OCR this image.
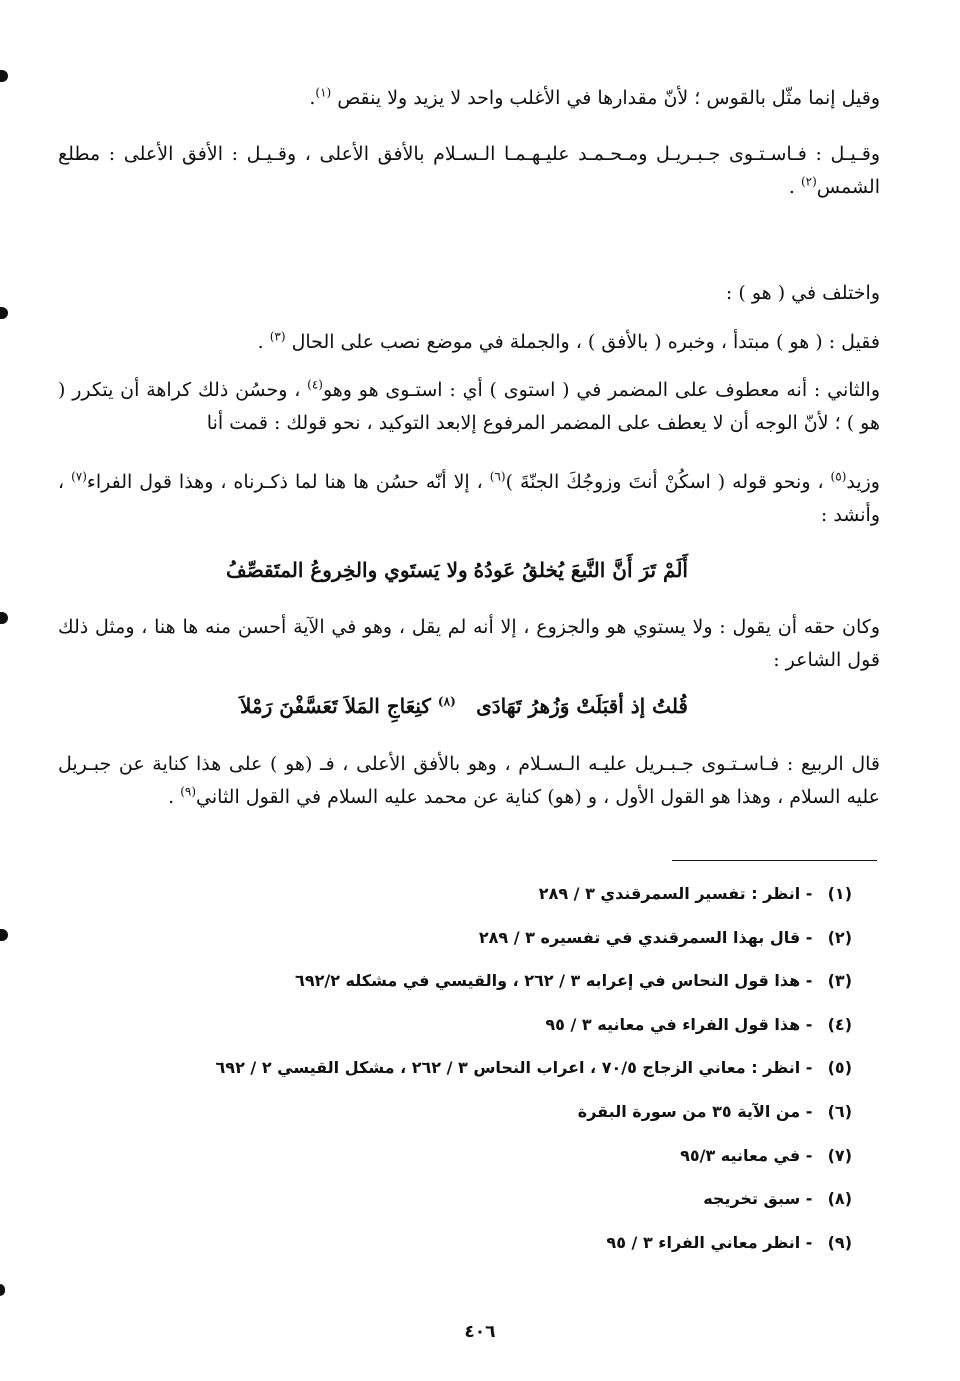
وقيل إنما مثّل بالقوس ؛ لأنّ مقدارها في الأغلب واحد لا يزيد ولا ينقص $^{(١)}$.
وقـيـل : فـاسـتـوى جـبـريـل ومـحـمـد عليـهـمـا الـسـلام بالأفق الأعلى ، وقـيـل : الأفق الأعلى : مطلع الشمس$^{(٢)}$ .
واختلف في ( هو ) :
فقيل : ( هو ) مبتدأ ، وخبره ( بالأفق ) ، والجملة في موضع نصب على الحال $^{(٣)}$ .
والثاني : أنه معطوف على المضمر في ( استوى ) أي : استـوى هو وهو$^{(٤)}$ ، وحسُن ذلك كراهة أن يتكرر ( هو ) ؛ لأنّ الوجه أن لا يعطف على المضمر المرفوع إلابعد التوكيد ، نحو قولك : قمت أنا
وزيد$^{(٥)}$ ، ونحو قوله ( اسكُنْ أنتَ وزوجُكَ الجنّةَ )$^{(٦)}$ ، إلا أنّه حسُن ها هنا لما ذكـرناه ، وهذا قول الفراء$^{(٧)}$ ، وأنشد :
وكان حقه أن يقول : ولا يستوي هو والجزوع ، إلا أنه لم يقل ، وهو في الآية أحسن منه ها هنا ، ومثل ذلك قول الشاعر :
قال الربيع : فـاسـتـوى جـبـريل عليـه الـسـلام ، وهو بالأفق الأعلى ، فـ (هو ) على هذا كناية عن جبـريل عليه السلام ، وهذا هو القول الأول ، و (هو) كناية عن محمد عليه السلام في القول الثاني$^{(٩)}$ .
أَلَمْ تَرَ أَنَّ النَّبعَ يُخلقُ عَودُهُ
ولا يَستَوي والخِروعُ المتَقصِّفُ
قُلتُ إذ أقبَلَتْ وَزُهرُ تَهَادَى
$^{(٨)}$ كنِعَاجِ المَلاَ تَعَسَّفْنَ رَمْلاَ
(١) - انظر : تفسير السمرقندي ٣ / ٢٨٩
(٢) - قال بهذا السمرقندي في تفسيره ٣ / ٢٨٩
(٣) - هذا قول النحاس في إعرابه ٣ / ٢٦٢ ، والقيسي في مشكله ٦٩٢/٢
(٤) - هذا قول الفراء في معانيه ٣ / ٩٥
(٥) - انظر : معاني الزجاج ٧٠/٥ ، اعراب النحاس ٣ / ٢٦٢ ، مشكل القيسي ٢ / ٦٩٢
(٦) - من الآية ٣٥ من سورة البقرة
(٧) - في معانيه ٩٥/٣
(٨) - سبق تخريجه
(٩) - انظر معاني الفراء ٣ / ٩٥
٤٠٦
